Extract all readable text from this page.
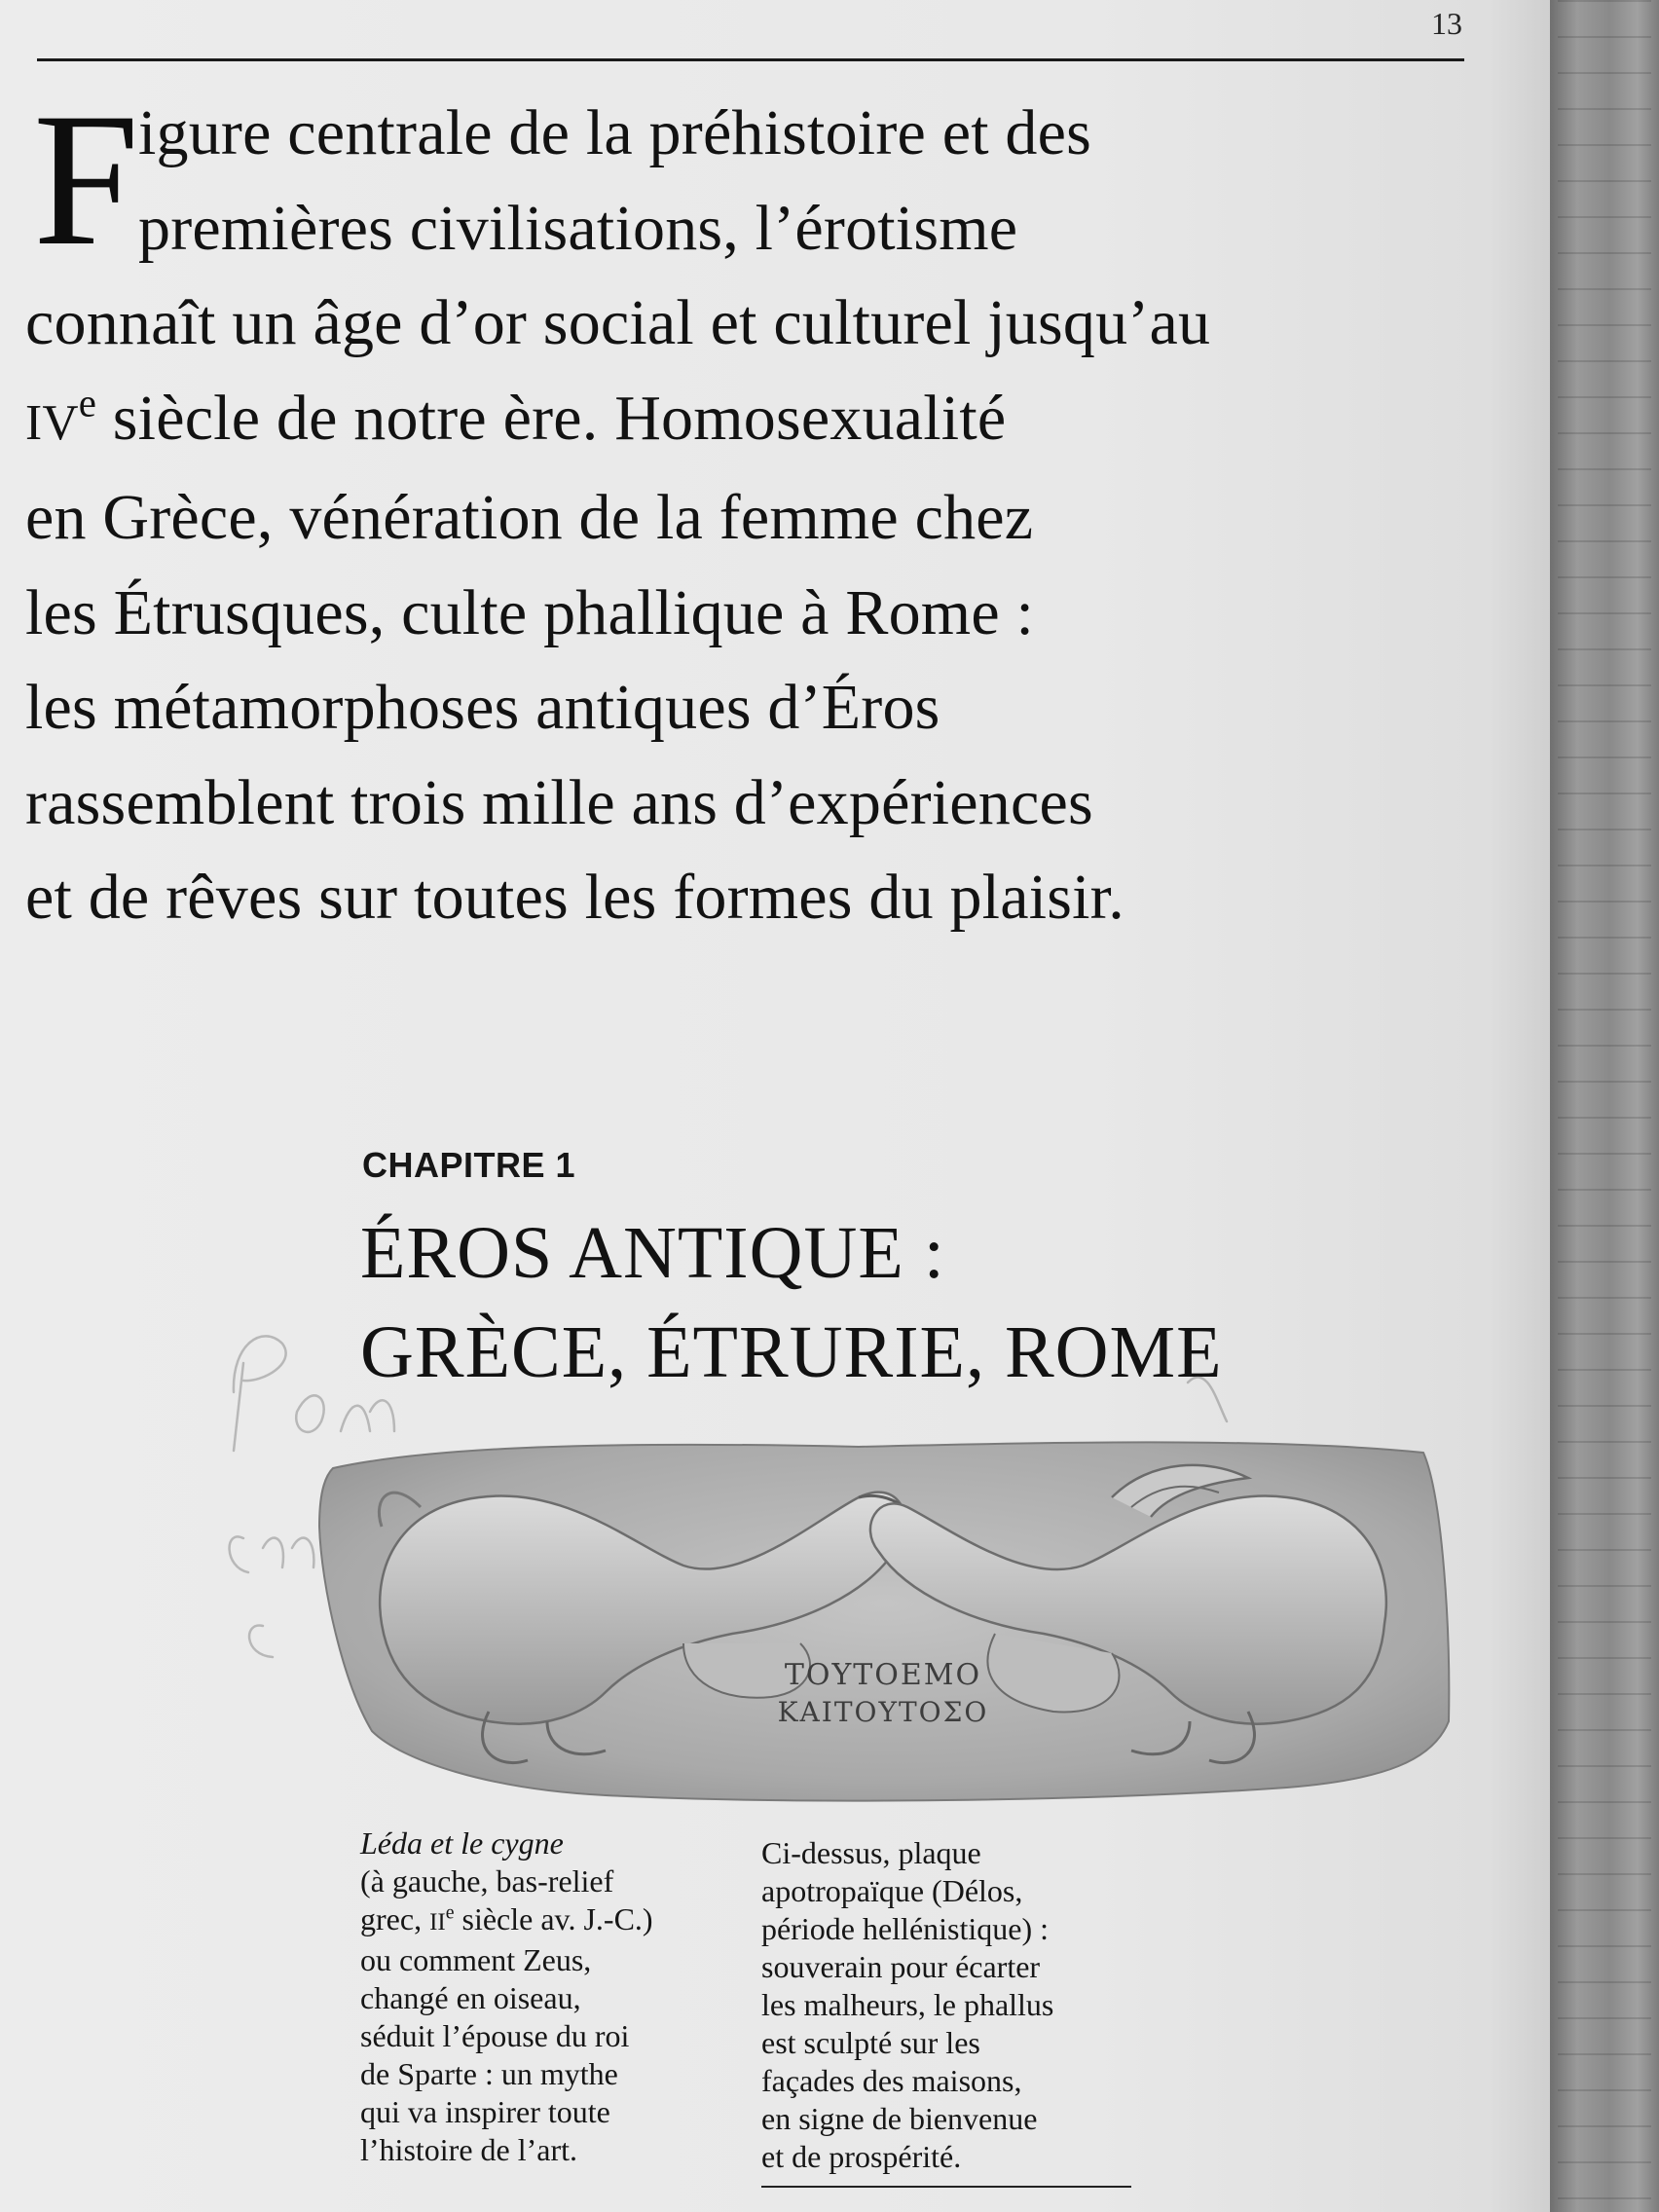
13
F
igure centrale de la préhistoire et des
premières civilisations, l’érotisme
connaît un âge d’or social et culturel jusqu’au
IVe siècle de notre ère. Homosexualité
en Grèce, vénération de la femme chez
les Étrusques, culte phallique à Rome :
les métamorphoses antiques d’Éros
rassemblent trois mille ans d’expériences
et de rêves sur toutes les formes du plaisir.
CHAPITRE 1
ÉROS ANTIQUE :
GRÈCE, ÉTRURIE, ROME
ΤΟΥΤΟΕΜΟ
ΚΑΙΤΟΥΤΟΣΟ
Léda et le cygne
(à gauche, bas-relief
grec, IIe siècle av. J.-C.)
ou comment Zeus,
changé en oiseau,
séduit l’épouse du roi
de Sparte : un mythe
qui va inspirer toute
l’histoire de l’art.
Ci-dessus, plaque
apotropaïque (Délos,
période hellénistique) :
souverain pour écarter
les malheurs, le phallus
est sculpté sur les
façades des maisons,
en signe de bienvenue
et de prospérité.
